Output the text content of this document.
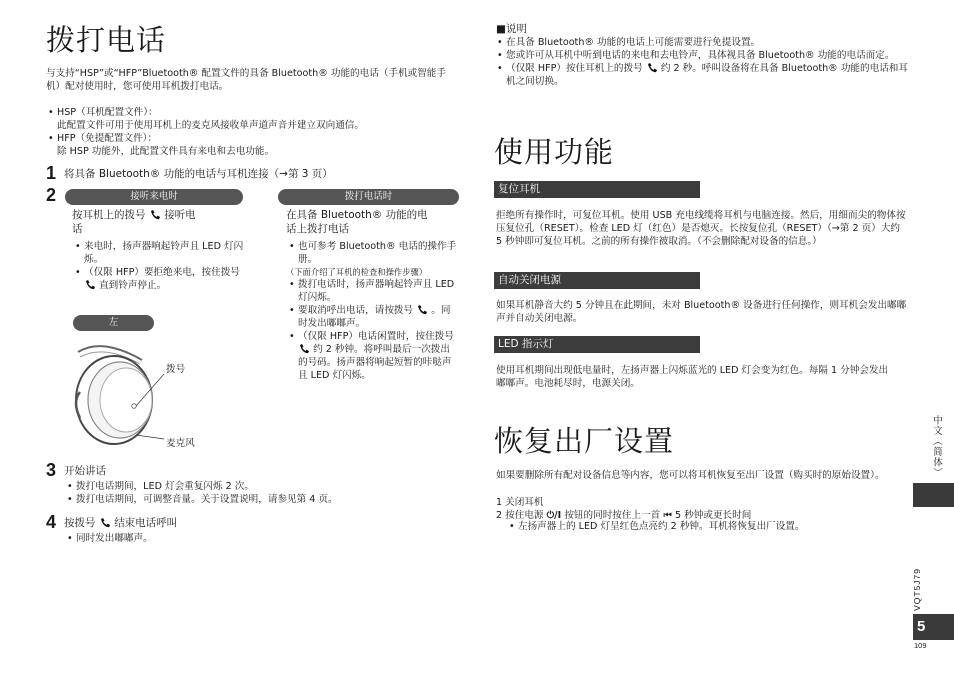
拨打电话
与支持“HSP”或“HFP”Bluetooth® 配置文件的具备 Bluetooth® 功能的电话（手机或智能手机）配对使用时，您可使用耳机拨打电话。
• HSP（耳机配置文件）：
此配置文件可用于使用耳机上的麦克风接收单声道声音并建立双向通信。
• HFP（免提配置文件）：
除 HSP 功能外，此配置文件具有来电和去电功能。
1 将具备 Bluetooth® 功能的电话与耳机连接（→第 3 页）
2	接听来电时	拨打电话时
按耳机上的拨号 接听电
话
• 来电时，扬声器响起铃声且 LED 灯闪烁。
• （仅限 HFP）要拒绝来电，按住拨号  直到铃声停止。
在具备 Bluetooth® 功能的电
话上拨打电话
• 也可参考 Bluetooth® 电话的操作手册。
（下面介绍了耳机的检查和操作步骤）
• 拨打电话时，扬声器响起铃声且 LED 灯闪烁。
• 要取消呼出电话，请按拨号 。同时发出嘟嘟声。
• （仅限 HFP）电话闲置时，按住拨号  约 2 秒钟。将呼叫最后一次拨出的号码。扬声器将响起短暂的咔哒声且 LED 灯闪烁。
左
拨号
麦克风
3 开始讲话
• 拨打电话期间，LED 灯会重复闪烁 2 次。
• 拨打电话期间，可调整音量。关于设置说明，请参见第 4 页。
4 按拨号 结束电话呼叫
• 同时发出嘟嘟声。
■说明
• 在具备 Bluetooth® 功能的电话上可能需要进行免提设置。
• 您或许可从耳机中听到电话的来电和去电铃声，具体视具备 Bluetooth® 功能的电话而定。
• （仅限 HFP）按住耳机上的拨号 约 2 秒。呼叫设备将在具备 Bluetooth® 功能的电话和耳机之间切换。
使用功能
复位耳机
拒绝所有操作时，可复位耳机。使用 USB 充电线缆将耳机与电脑连接。然后，用细而尖的物体按压复位孔（RESET）。检查 LED 灯（红色）是否熄灭。长按复位孔（RESET）（→第 2 页）大约 5 秒钟即可复位耳机。之前的所有操作被取消。（不会删除配对设备的信息。）
自动关闭电源
如果耳机静音大约 5 分钟且在此期间，未对 Bluetooth® 设备进行任何操作，则耳机会发出嘟嘟声并自动关闭电源。
LED 指示灯
使用耳机期间出现低电量时，左扬声器上闪烁蓝光的 LED 灯会变为红色。每隔 1 分钟会发出嘟嘟声。电池耗尽时，电源关闭。
恢复出厂设置
如果要删除所有配对设备信息等内容，您可以将耳机恢复至出厂设置（购买时的原始设置）。
1 关闭耳机
2 按住电源 ⏻/I 按钮的同时按住上一首 ⏮ 5 秒钟或更长时间
• 左扬声器上的 LED 灯呈红色点亮约 2 秒钟。耳机将恢复出厂设置。
中文（简体）
VQT5J79
5
109
